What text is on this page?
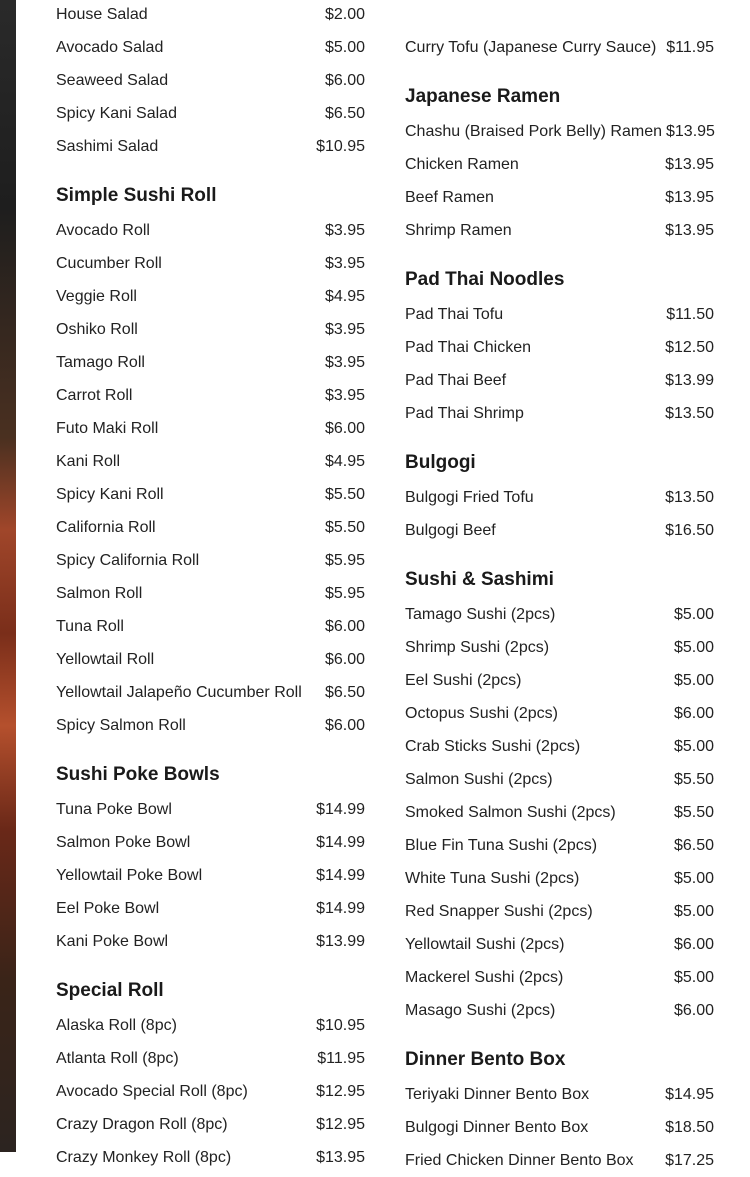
House Salad	$2.00
Avocado Salad	$5.00
Seaweed Salad	$6.00
Spicy Kani Salad	$6.50
Sashimi Salad	$10.95
Simple Sushi Roll
Avocado Roll	$3.95
Cucumber Roll	$3.95
Veggie Roll	$4.95
Oshiko Roll	$3.95
Tamago Roll	$3.95
Carrot Roll	$3.95
Futo Maki Roll	$6.00
Kani Roll	$4.95
Spicy Kani Roll	$5.50
California Roll	$5.50
Spicy California Roll	$5.95
Salmon Roll	$5.95
Tuna Roll	$6.00
Yellowtail Roll	$6.00
Yellowtail Jalapeño Cucumber Roll $6.50
Spicy Salmon Roll	$6.00
Sushi Poke Bowls
Tuna Poke Bowl	$14.99
Salmon Poke Bowl	$14.99
Yellowtail Poke Bowl	$14.99
Eel Poke Bowl	$14.99
Kani Poke Bowl	$13.99
Special Roll
Alaska Roll (8pc)	$10.95
Atlanta Roll (8pc)	$11.95
Avocado Special Roll (8pc)	$12.95
Crazy Dragon Roll (8pc)	$12.95
Crazy Monkey Roll (8pc)	$13.95
Curry Tofu (Japanese Curry Sauce) $11.95
Japanese Ramen
Chashu (Braised Pork Belly) Ramen $13.95
Chicken Ramen	$13.95
Beef Ramen	$13.95
Shrimp Ramen	$13.95
Pad Thai Noodles
Pad Thai Tofu	$11.50
Pad Thai Chicken	$12.50
Pad Thai Beef	$13.99
Pad Thai Shrimp	$13.50
Bulgogi
Bulgogi Fried Tofu	$13.50
Bulgogi Beef	$16.50
Sushi & Sashimi
Tamago Sushi (2pcs)	$5.00
Shrimp Sushi (2pcs)	$5.00
Eel Sushi (2pcs)	$5.00
Octopus Sushi (2pcs)	$6.00
Crab Sticks Sushi (2pcs)	$5.00
Salmon Sushi (2pcs)	$5.50
Smoked Salmon Sushi (2pcs)	$5.50
Blue Fin Tuna Sushi (2pcs)	$6.50
White Tuna Sushi (2pcs)	$5.00
Red Snapper Sushi (2pcs)	$5.00
Yellowtail Sushi (2pcs)	$6.00
Mackerel Sushi (2pcs)	$5.00
Masago Sushi (2pcs)	$6.00
Dinner Bento Box
Teriyaki Dinner Bento Box	$14.95
Bulgogi Dinner Bento Box	$18.50
Fried Chicken Dinner Bento Box $17.25
